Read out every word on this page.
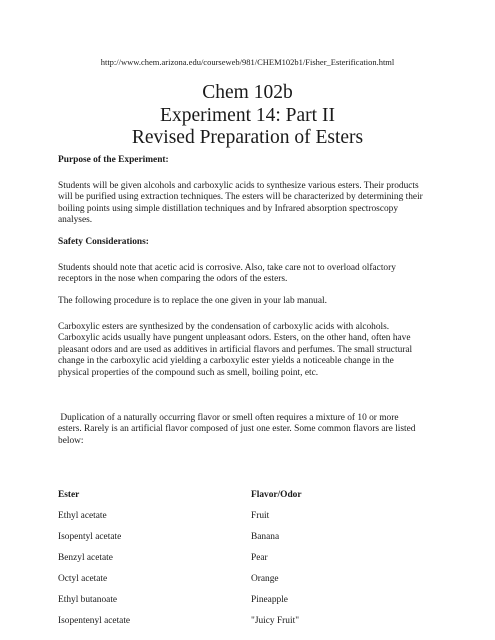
http://www.chem.arizona.edu/courseweb/981/CHEM102b1/Fisher_Esterification.html
Chem 102b
Experiment 14: Part II
Revised Preparation of Esters
Purpose of the Experiment:
Students will be given alcohols and carboxylic acids to synthesize various esters. Their products
will be purified using extraction techniques. The esters will be characterized by determining their
boiling points using simple distillation techniques and by Infrared absorption spectroscopy
analyses.
Safety Considerations:
Students should note that acetic acid is corrosive. Also, take care not to overload olfactory
receptors in the nose when comparing the odors of the esters.
The following procedure is to replace the one given in your lab manual.
Carboxylic esters are synthesized by the condensation of carboxylic acids with alcohols.
Carboxylic acids usually have pungent unpleasant odors. Esters, on the other hand, often have
pleasant odors and are used as additives in artificial flavors and perfumes. The small structural
change in the carboxylic acid yielding a carboxylic ester yields a noticeable change in the
physical properties of the compound such as smell, boiling point, etc.
Duplication of a naturally occurring flavor or smell often requires a mixture of 10 or more
esters. Rarely is an artificial flavor composed of just one ester. Some common flavors are listed
below:
Ester	Flavor/Odor
Ethyl acetate	Fruit
Isopentyl acetate	Banana
Benzyl acetate	Pear
Octyl acetate	Orange
Ethyl butanoate	Pineapple
Isopentenyl acetate	"Juicy Fruit"
